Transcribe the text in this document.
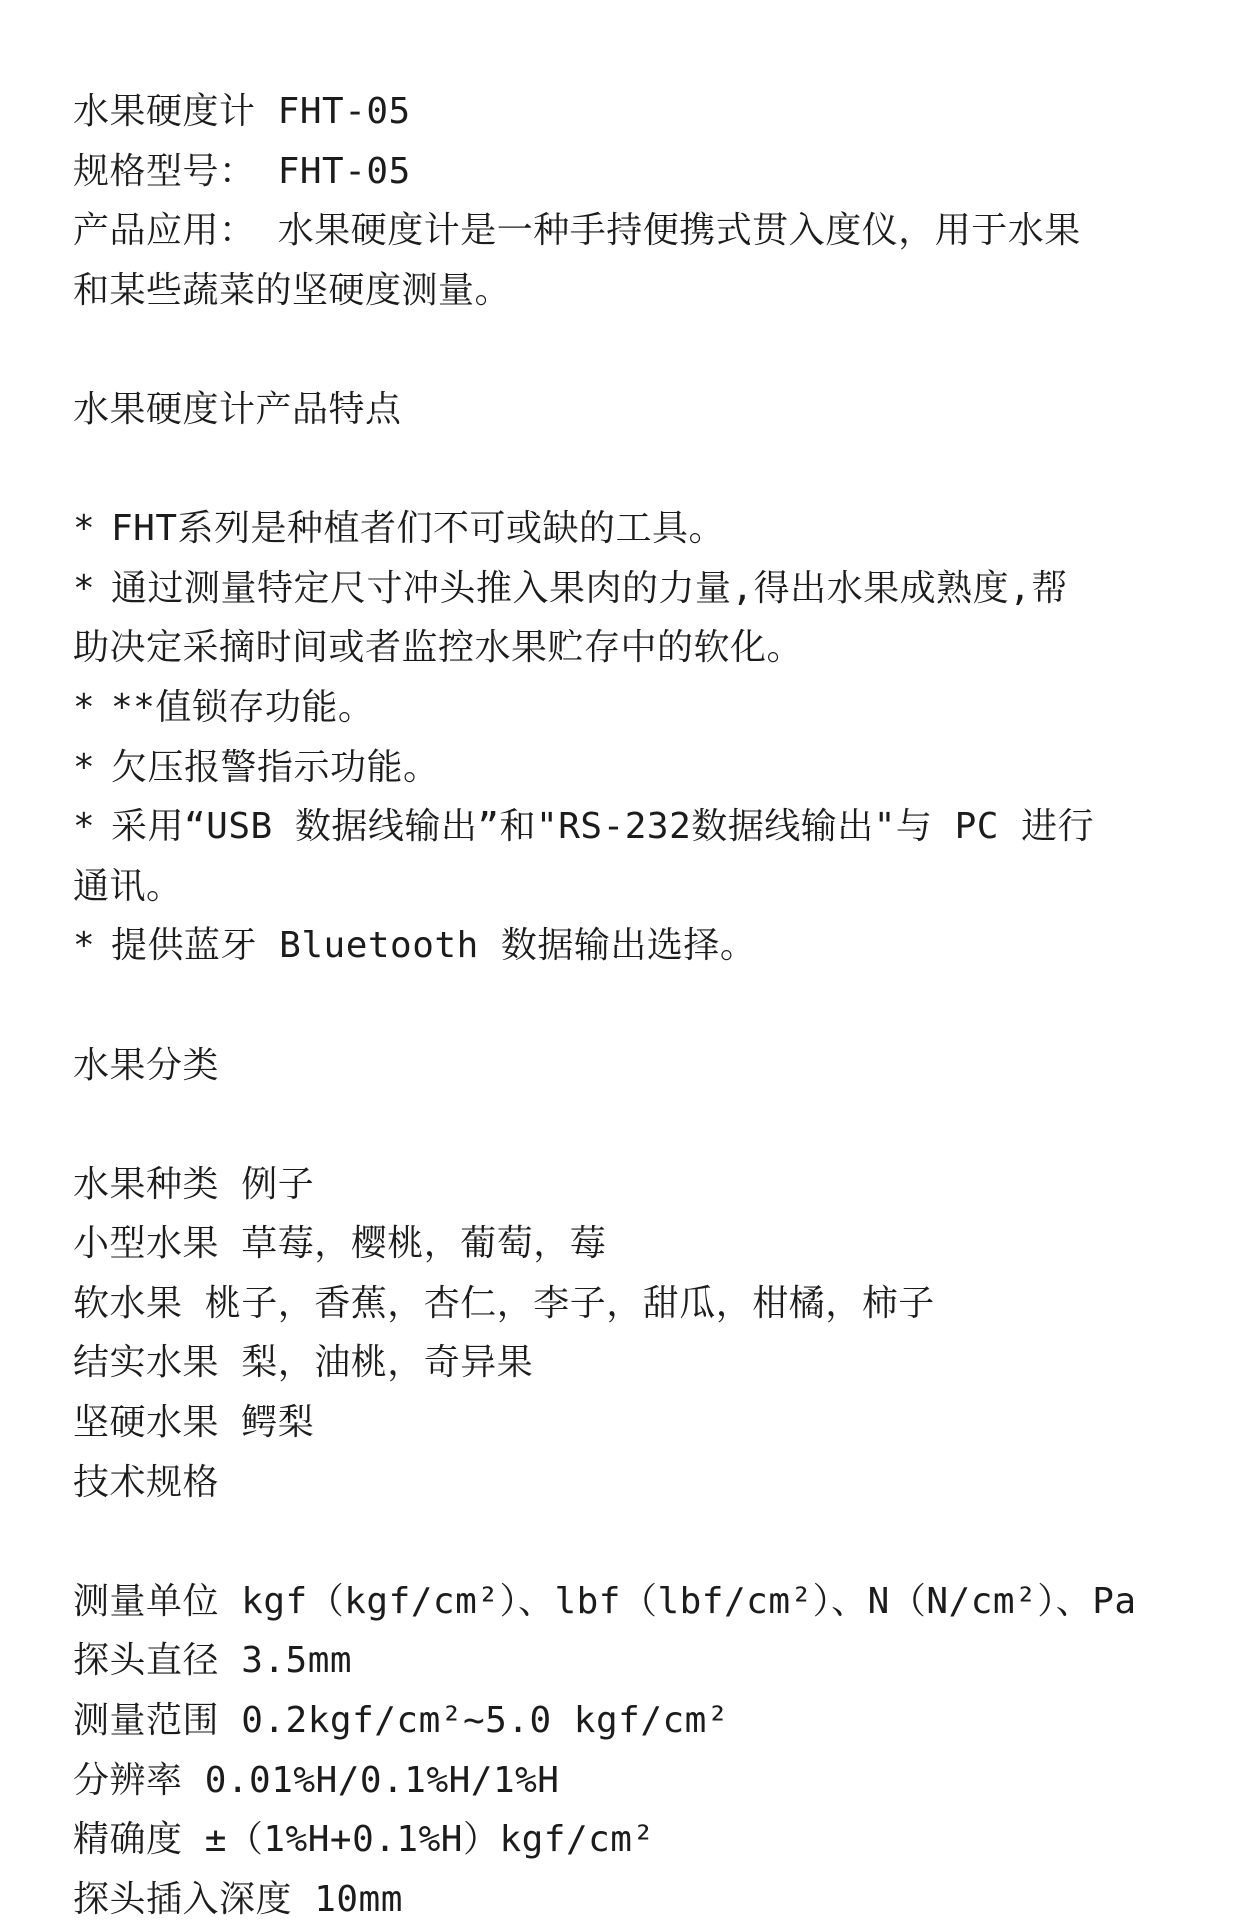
水果硬度计 FHT-05
规格型号： FHT-05
产品应用： 水果硬度计是一种手持便携式贯入度仪，用于水果
和某些蔬菜的坚硬度测量。
水果硬度计产品特点
* FHT系列是种植者们不可或缺的工具。
* 通过测量特定尺寸冲头推入果肉的力量,得出水果成熟度,帮
助决定采摘时间或者监控水果贮存中的软化。
* **值锁存功能。
* 欠压报警指示功能。
* 采用“USB 数据线输出”和"RS-232数据线输出"与 PC 进行
通讯。
* 提供蓝牙 Bluetooth 数据输出选择。
水果分类
水果种类 例子
小型水果 草莓，樱桃，葡萄，莓
软水果 桃子，香蕉，杏仁，李子，甜瓜，柑橘，柿子
结实水果 梨，油桃，奇异果
坚硬水果 鳄梨
技术规格
测量单位 kgf（kgf/cm²）、lbf（lbf/cm²）、N（N/cm²）、Pa
探头直径 3.5mm
测量范围 0.2kgf/cm²~5.0 kgf/cm²
分辨率 0.01%H/0.1%H/1%H
精确度 ±（1%H+0.1%H）kgf/cm²
探头插入深度 10mm
